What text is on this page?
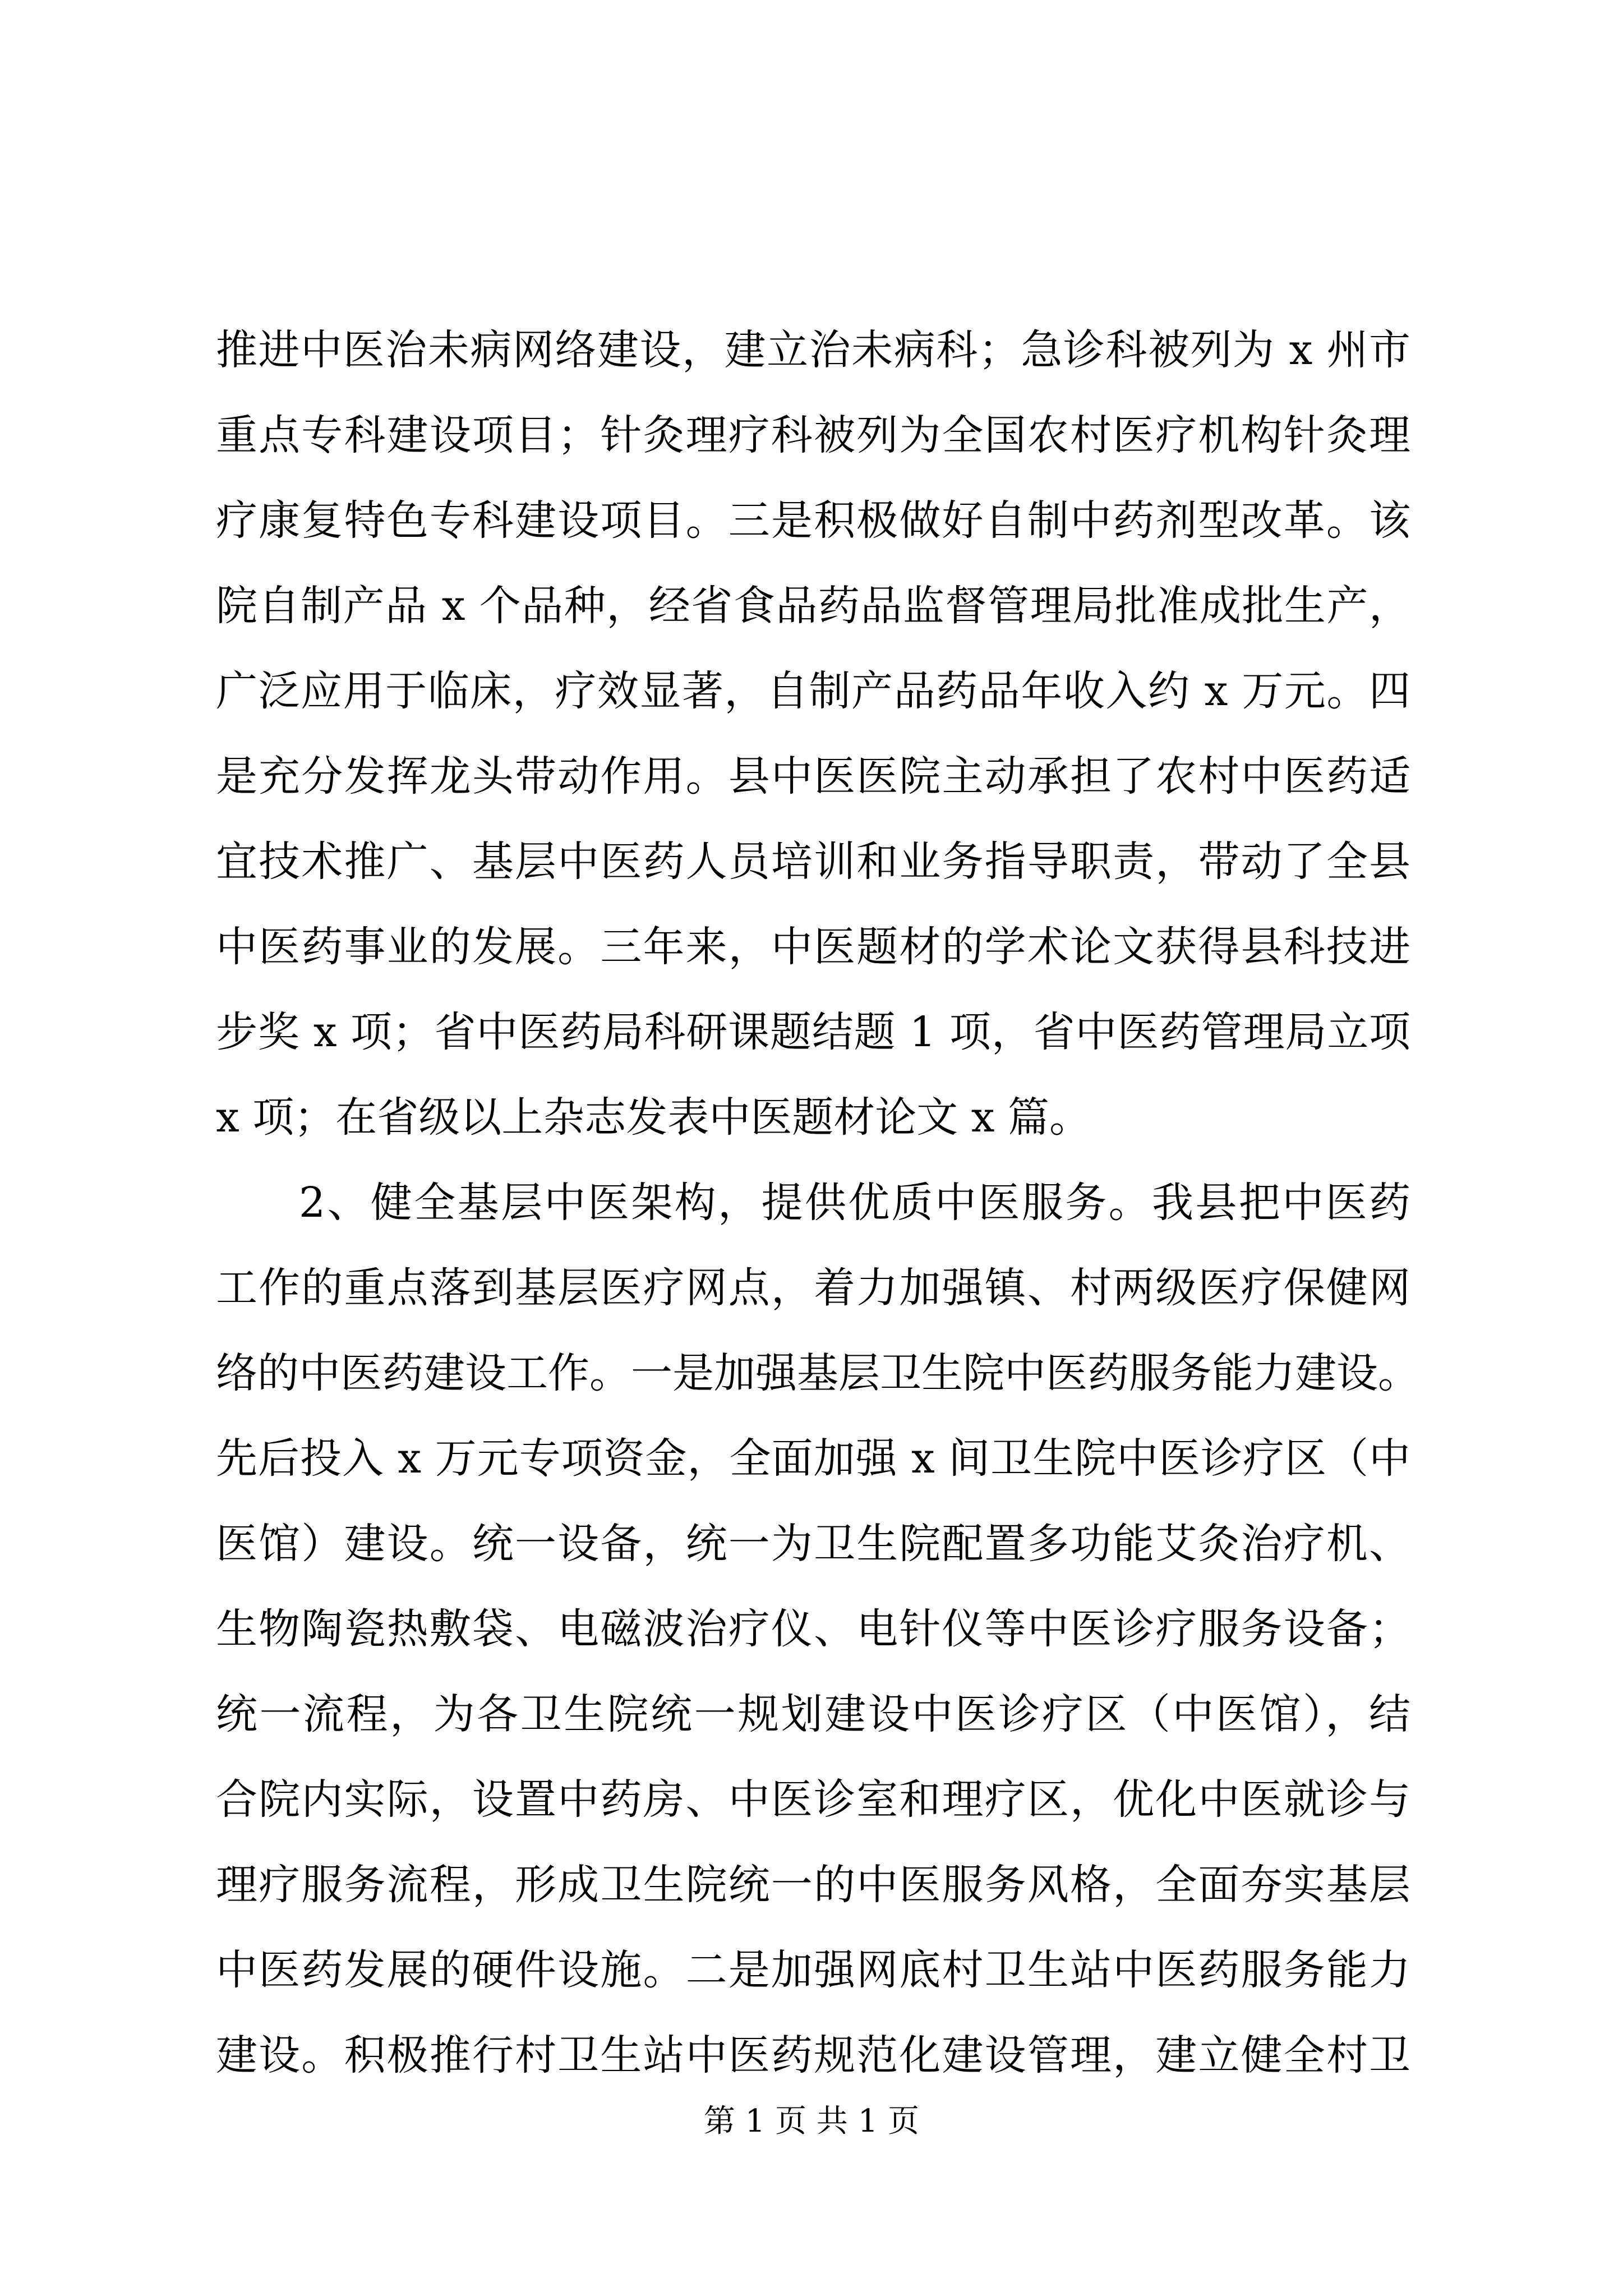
推进中医治未病网络建设，建立治未病科；急诊科被列为 x 州市
重点专科建设项目；针灸理疗科被列为全国农村医疗机构针灸理
疗康复特色专科建设项目。三是积极做好自制中药剂型改革。该
院自制产品 x 个品种，经省食品药品监督管理局批准成批生产，
广泛应用于临床，疗效显著，自制产品药品年收入约 x 万元。四
是充分发挥龙头带动作用。县中医医院主动承担了农村中医药适
宜技术推广、基层中医药人员培训和业务指导职责，带动了全县
中医药事业的发展。三年来，中医题材的学术论文获得县科技进
步奖 x 项；省中医药局科研课题结题 1 项，省中医药管理局立项
x 项；在省级以上杂志发表中医题材论文 x 篇。
2、健全基层中医架构，提供优质中医服务。我县把中医药
工作的重点落到基层医疗网点，着力加强镇、村两级医疗保健网
络的中医药建设工作。一是加强基层卫生院中医药服务能力建设。
先后投入 x 万元专项资金，全面加强 x 间卫生院中医诊疗区（中
医馆）建设。统一设备，统一为卫生院配置多功能艾灸治疗机、
生物陶瓷热敷袋、电磁波治疗仪、电针仪等中医诊疗服务设备；
统一流程，为各卫生院统一规划建设中医诊疗区（中医馆），结
合院内实际，设置中药房、中医诊室和理疗区，优化中医就诊与
理疗服务流程，形成卫生院统一的中医服务风格，全面夯实基层
中医药发展的硬件设施。二是加强网底村卫生站中医药服务能力
建设。积极推行村卫生站中医药规范化建设管理，建立健全村卫
第 1 页 共 1 页
